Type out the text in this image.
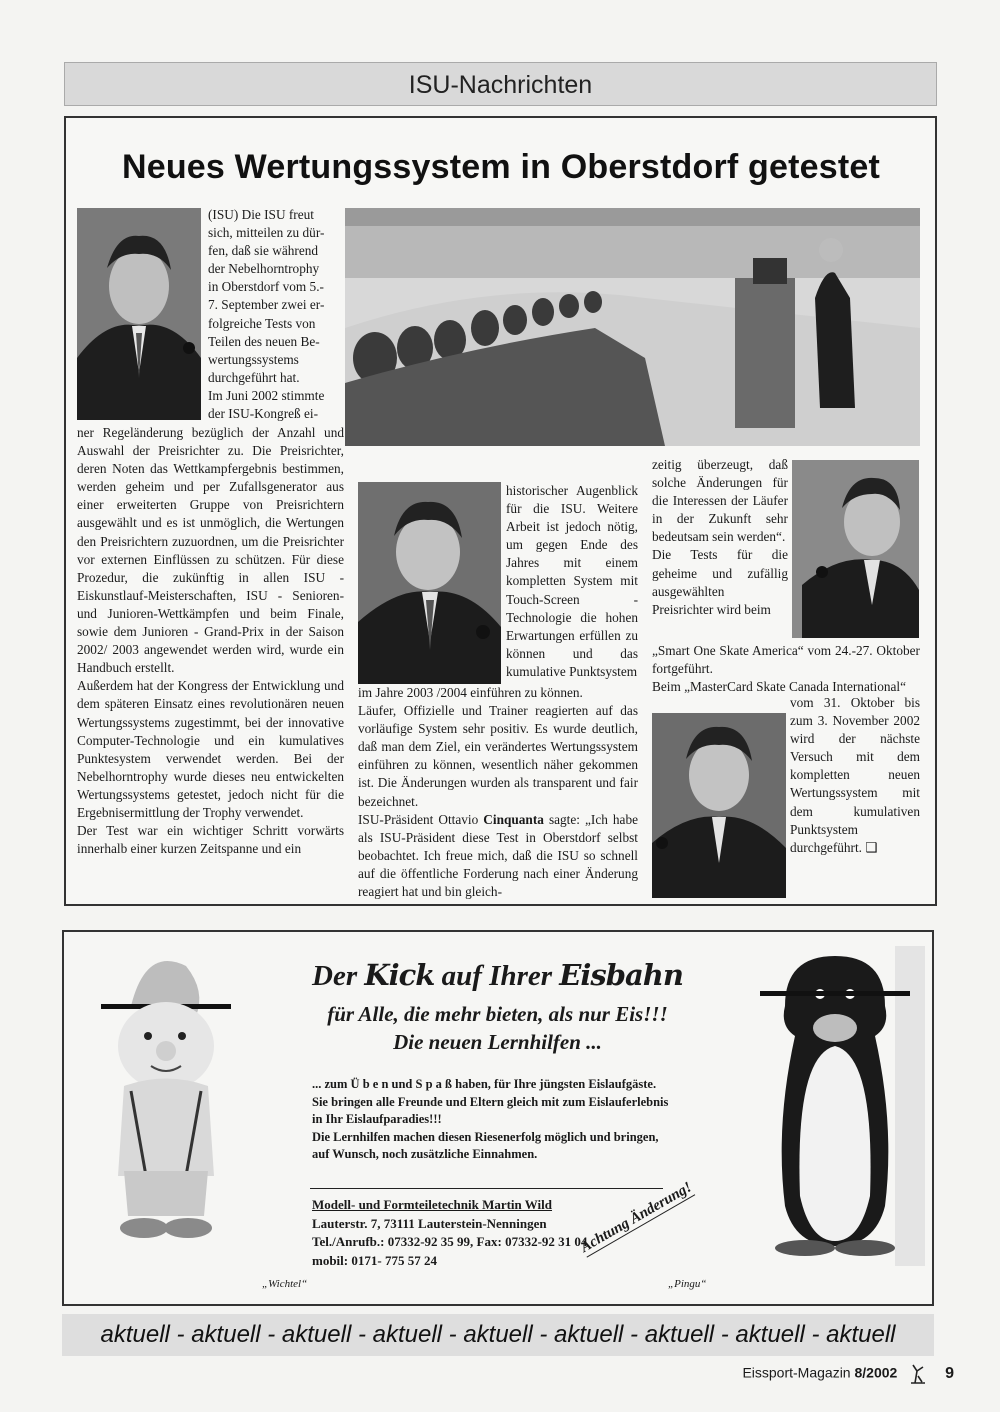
ISU-Nachrichten
Neues Wertungssystem in Oberstdorf getestet

(ISU) Die ISU freut
sich, mitteilen zu dür-
fen, daß sie während
der Nebelhorntrophy
in Oberstdorf vom 5.-
7. September zwei er-
folgreiche Tests von
Teilen des neuen Be-
wertungssystems
durchgeführt hat.
Im Juni 2002 stimmte
der ISU-Kongreß ei-

ner Regeländerung bezüglich der Anzahl und Auswahl der Preisrichter zu. Die Preisrichter, deren Noten das Wettkampfergebnis bestimmen, werden geheim und per Zufallsgenerator aus einer erweiterten Gruppe von Preisrichtern ausgewählt und es ist unmöglich, die Wertungen den Preisrichtern zuzuordnen, um die Preisrichter vor externen Einflüssen zu schützen. Für diese Prozedur, die zukünftig in allen ISU - Eiskunstlauf-Meisterschaften, ISU - Senioren- und Junioren-Wettkämpfen und beim Finale, sowie dem Junioren - Grand-Prix in der Saison 2002/ 2003 angewendet werden wird, wurde ein Handbuch erstellt.

Außerdem hat der Kongress der Entwicklung und dem späteren Einsatz eines revolutionären neuen Wertungssystems zugestimmt, bei der innovative Computer-Technologie und ein kumulatives Punktesystem verwendet werden. Bei der Nebelhorntrophy wurde dieses neu entwickelten Wertungssystems getestet, jedoch nicht für die Ergebnisermittlung der Trophy verwendet.

Der Test war ein wichtiger Schritt vorwärts innerhalb einer kurzen Zeitspanne und ein

historischer Augenblick für die ISU. Weitere Arbeit ist jedoch nötig, um gegen Ende des Jahres mit einem kompletten System mit Touch-Screen - Technologie die hohen Erwartungen erfüllen zu können und das kumulative Punktsystem

im Jahre 2003 /2004 einführen zu können.

Läufer, Offizielle und Trainer reagierten auf das vorläufige System sehr positiv. Es wurde deutlich, daß man dem Ziel, ein verändertes Wertungssystem einführen zu können, wesentlich näher gekommen ist. Die Änderungen wurden als transparent und fair bezeichnet.

ISU-Präsident Ottavio Cinquanta sagte: „Ich habe als ISU-Präsident diese Test in Oberstdorf selbst beobachtet. Ich freue mich, daß die ISU so schnell auf die öffentliche Forderung nach einer Änderung reagiert hat und bin gleich-

zeitig überzeugt, daß solche Änderungen für die Interessen der Läufer in der Zukunft sehr bedeutsam sein werden“.

Die Tests für die geheime und zufällig ausgewählten Preisrichter wird beim

„Smart One Skate America“ vom 24.-27. Oktober fortgeführt.

Beim „MasterCard Skate Canada International“

vom 31. Oktober bis zum 3. November 2002 wird der nächste Versuch mit dem kompletten neuen Wertungssystem mit dem kumulativen Punktsystem durchgeführt. ❑

„Wichtel“	„Pingu“
Der Kick auf Ihrer Eisbahn
für Alle, die mehr bieten, als nur Eis!!!
Die neuen Lernhilfen ...
... zum Ü b e n und S p a ß haben, für Ihre jüngsten Eislaufgäste.
Sie bringen alle Freunde und Eltern gleich mit zum Eislauferlebnis in Ihr Eislaufparadies!!!
Die Lernhilfen machen diesen Riesenerfolg möglich und bringen, auf Wunsch, noch zusätzliche Einnahmen.
Modell- und Formteiletechnik Martin Wild
Lauterstr. 7, 73111 Lauterstein-Nenningen
Tel./Anrufb.: 07332-92 35 99, Fax: 07332-92 31 04
mobil: 0171- 775 57 24
Achtung Änderung!
aktuell - aktuell - aktuell - aktuell - aktuell - aktuell - aktuell - aktuell - aktuell
Eissport-Magazin 8/2002	9
